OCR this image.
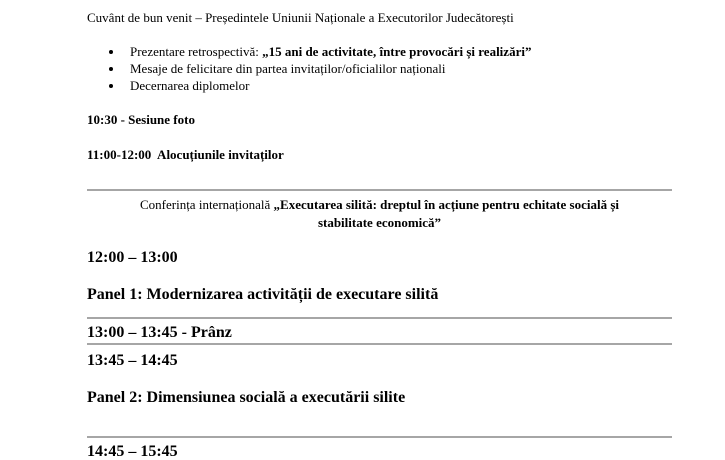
Cuvânt de bun venit – Președintele Uniunii Naționale a Executorilor Judecătorești
Prezentare retrospectivă: „15 ani de activitate, între provocări și realizări”
Mesaje de felicitare din partea invitaților/oficialilor naționali
Decernarea diplomelor
10:30 - Sesiune foto
11:00-12:00  Alocuțiunile invitaților
Conferința internațională „Executarea silită: dreptul în acțiune pentru echitate socială și
stabilitate economică”
12:00 – 13:00
Panel 1: Modernizarea activității de executare silită
13:00 – 13:45 - Prânz
13:45 – 14:45
Panel 2: Dimensiunea socială a executării silite
14:45 – 15:45
